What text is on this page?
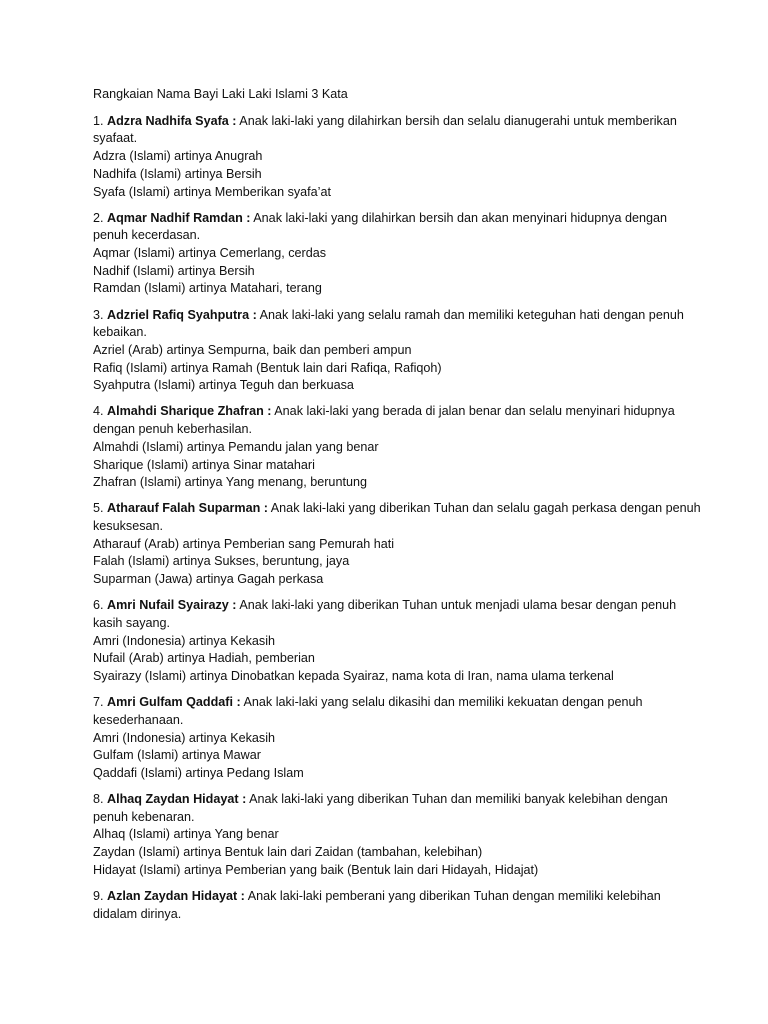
Rangkaian Nama Bayi Laki Laki Islami 3 Kata
1. Adzra Nadhifa Syafa : Anak laki-laki yang dilahirkan bersih dan selalu dianugerahi untuk memberikan syafaat.
Adzra (Islami) artinya Anugrah
Nadhifa (Islami) artinya Bersih
Syafa (Islami) artinya Memberikan syafa’at
2. Aqmar Nadhif Ramdan : Anak laki-laki yang dilahirkan bersih dan akan menyinari hidupnya dengan penuh kecerdasan.
Aqmar (Islami) artinya Cemerlang, cerdas
Nadhif (Islami) artinya Bersih
Ramdan (Islami) artinya Matahari, terang
3. Adzriel Rafiq Syahputra : Anak laki-laki yang selalu ramah dan memiliki keteguhan hati dengan penuh kebaikan.
Azriel (Arab) artinya Sempurna, baik dan pemberi ampun
Rafiq (Islami) artinya Ramah (Bentuk lain dari Rafiqa, Rafiqoh)
Syahputra (Islami) artinya Teguh dan berkuasa
4. Almahdi Sharique Zhafran : Anak laki-laki yang berada di jalan benar dan selalu menyinari hidupnya dengan penuh keberhasilan.
Almahdi (Islami) artinya Pemandu jalan yang benar
Sharique (Islami) artinya Sinar matahari
Zhafran (Islami) artinya Yang menang, beruntung
5. Atharauf Falah Suparman : Anak laki-laki yang diberikan Tuhan dan selalu gagah perkasa dengan penuh kesuksesan.
Atharauf (Arab) artinya Pemberian sang Pemurah hati
Falah (Islami) artinya Sukses, beruntung, jaya
Suparman (Jawa) artinya Gagah perkasa
6. Amri Nufail Syairazy : Anak laki-laki yang diberikan Tuhan untuk menjadi ulama besar dengan penuh kasih sayang.
Amri (Indonesia) artinya Kekasih
Nufail (Arab) artinya Hadiah, pemberian
Syairazy (Islami) artinya Dinobatkan kepada Syairaz, nama kota di Iran, nama ulama terkenal
7. Amri Gulfam Qaddafi : Anak laki-laki yang selalu dikasihi dan memiliki kekuatan dengan penuh kesederhanaan.
Amri (Indonesia) artinya Kekasih
Gulfam (Islami) artinya Mawar
Qaddafi (Islami) artinya Pedang Islam
8. Alhaq Zaydan Hidayat : Anak laki-laki yang diberikan Tuhan dan memiliki banyak kelebihan dengan penuh kebenaran.
Alhaq (Islami) artinya Yang benar
Zaydan (Islami) artinya Bentuk lain dari Zaidan (tambahan, kelebihan)
Hidayat (Islami) artinya Pemberian yang baik (Bentuk lain dari Hidayah, Hidajat)
9. Azlan Zaydan Hidayat : Anak laki-laki pemberani yang diberikan Tuhan dengan memiliki kelebihan didalam dirinya.
